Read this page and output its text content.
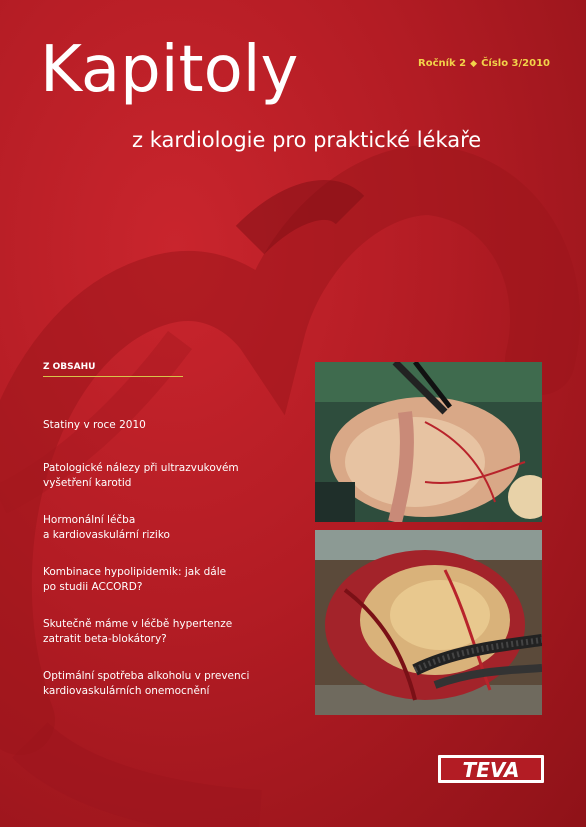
Kapitoly
z kardiologie pro praktické lékaře
Ročník 2 ◆ Číslo 3/2010
Z OBSAHU
Statiny v roce 2010
Patologické nálezy při ultrazvukovém
vyšetření karotid
Hormonální léčba
a kardiovaskulární riziko
Kombinace hypolipidemik: jak dále
po studii ACCORD?
Skutečně máme v léčbě hypertenze
zatratit beta-blokátory?
Optimální spotřeba alkoholu v prevenci
kardiovaskulárních onemocnění
TEVA
